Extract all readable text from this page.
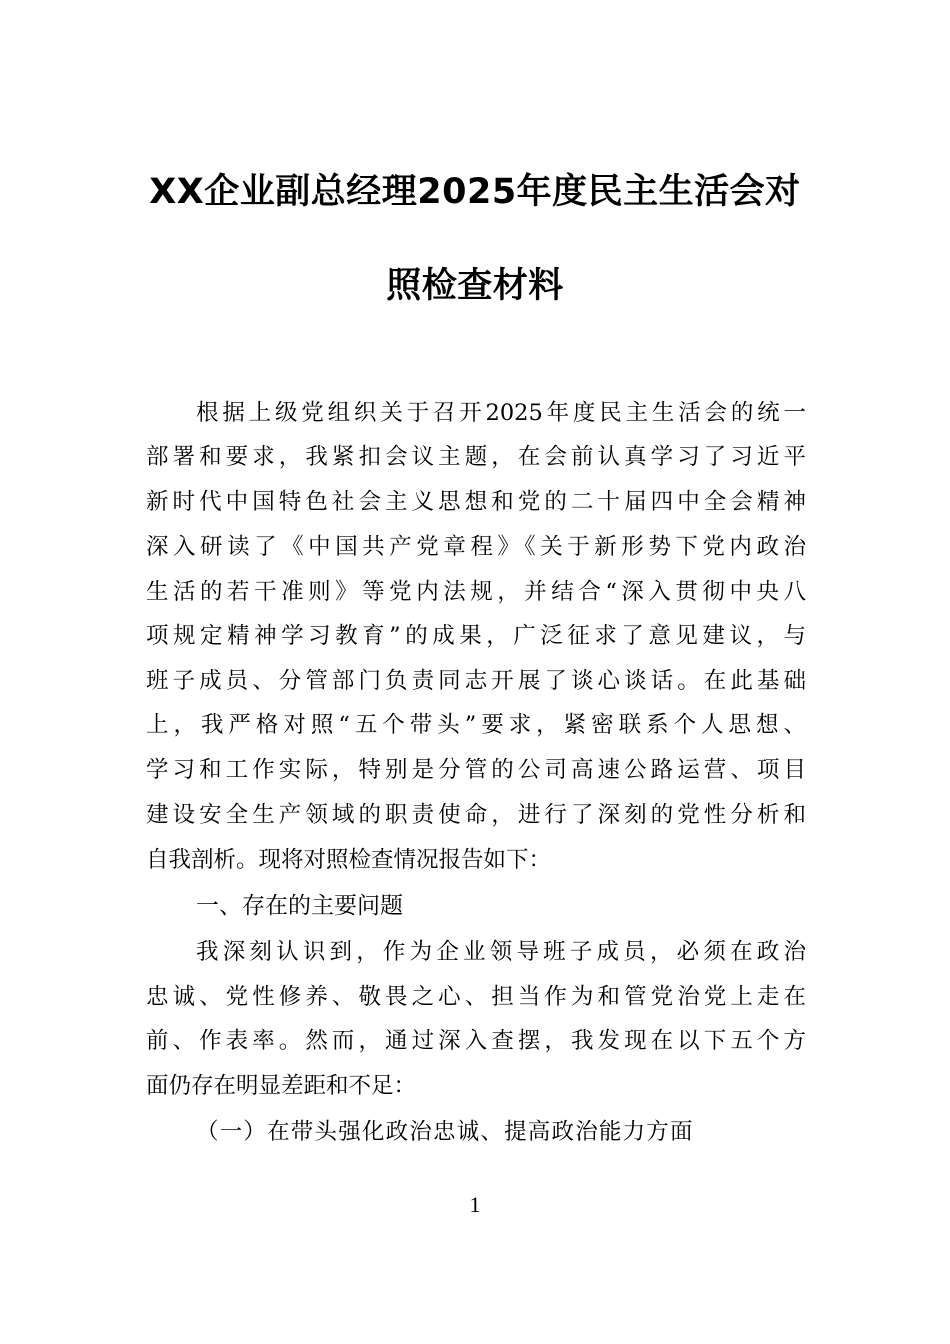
XX企业副总经理2025年度民主生活会对
照检查材料
根据上级党组织关于召开2025年度民主生活会的统一
部署和要求，我紧扣会议主题，在会前认真学习了习近平
新时代中国特色社会主义思想和党的二十届四中全会精神
深入研读了《中国共产党章程》《关于新形势下党内政治
生活的若干准则》等党内法规，并结合“深入贯彻中央八
项规定精神学习教育”的成果，广泛征求了意见建议，与
班子成员、分管部门负责同志开展了谈心谈话。在此基础
上，我严格对照“五个带头”要求，紧密联系个人思想、
学习和工作实际，特别是分管的公司高速公路运营、项目
建设安全生产领域的职责使命，进行了深刻的党性分析和
自我剖析。现将对照检查情况报告如下：
一、存在的主要问题
我深刻认识到，作为企业领导班子成员，必须在政治
忠诚、党性修养、敬畏之心、担当作为和管党治党上走在
前、作表率。然而，通过深入查摆，我发现在以下五个方
面仍存在明显差距和不足：
（一）在带头强化政治忠诚、提高政治能力方面
1
